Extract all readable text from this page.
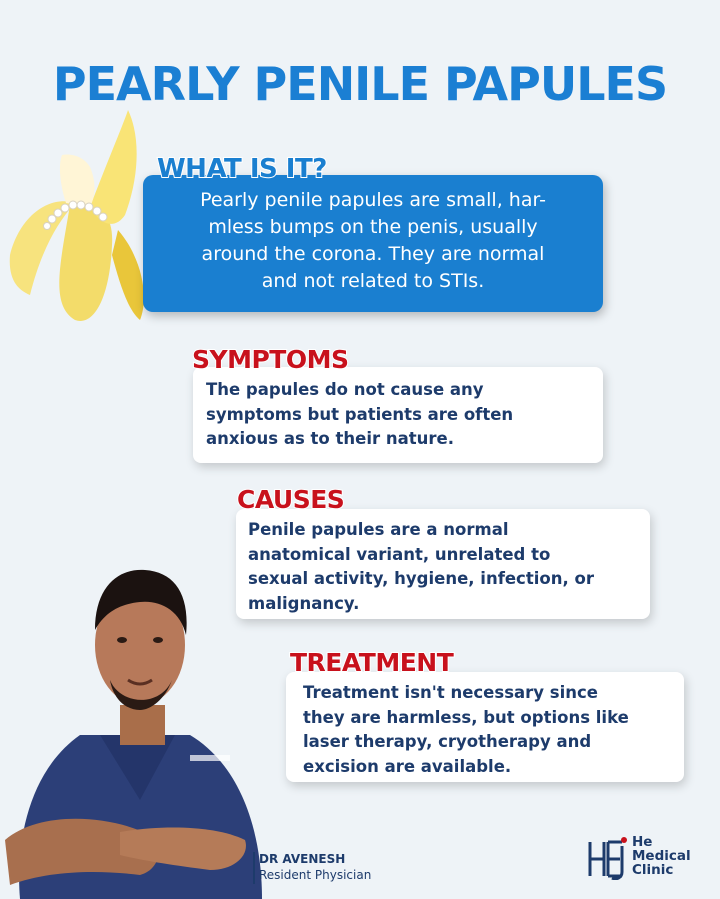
PEARLY PENILE PAPULES
WHAT IS IT?

Pearly penile papules are small, har-
mless bumps on the penis, usually
around the corona. They are normal
and not related to STIs.

SYMPTOMS

The papules do not cause any
symptoms but patients are often
anxious as to their nature.

CAUSES

Penile papules are a normal
anatomical variant, unrelated to
sexual activity, hygiene, infection, or
malignancy.

TREATMENT

Treatment isn't necessary since
they are harmless, but options like
laser therapy, cryotherapy and
excision are available.

DR AVENESH

Resident Physician

He
Medical
Clinic
